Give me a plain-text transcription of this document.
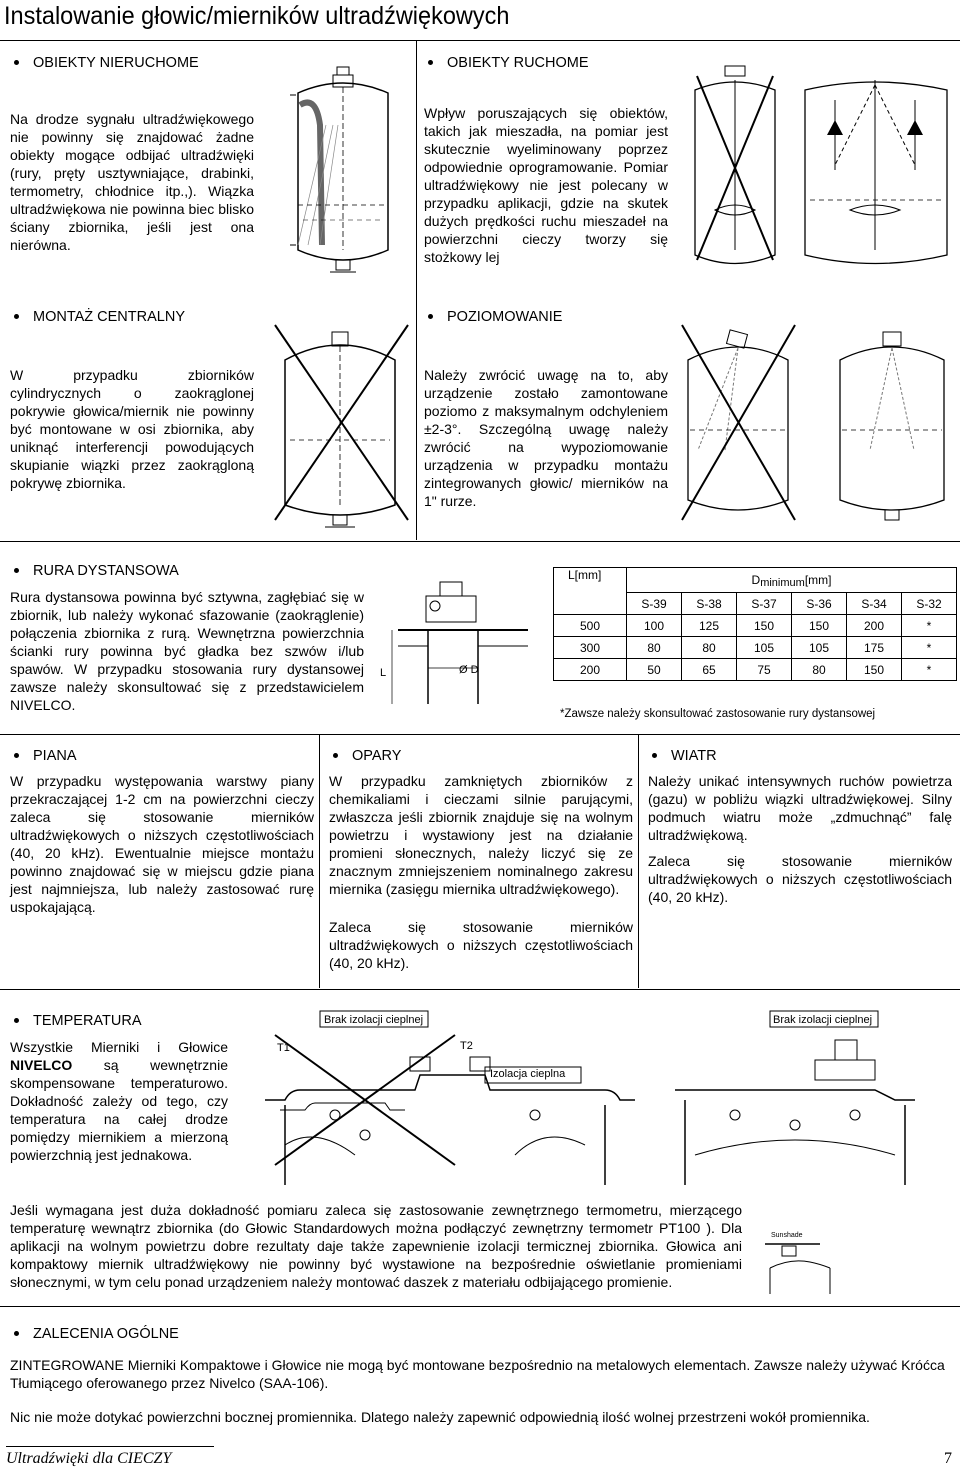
Instalowanie głowic/mierników ultradźwiękowych
OBIEKTY NIERUCHOME
Na drodze sygnału ultradźwiękowego nie powinny się znajdować żadne obiekty mogące odbijać ultradźwięki (rury, pręty usztywniające, drabinki, termometry, chłodnice itp.,). Wiązka ultradźwiękowa nie powinna biec blisko ściany zbiornika, jeśli jest ona nierówna.
OBIEKTY RUCHOME
Wpływ poruszających się obiektów, takich jak mieszadła, na pomiar jest skutecznie wyeliminowany poprzez odpowiednie oprogramowanie. Pomiar ultradźwiękowy nie jest polecany w przypadku aplikacji, gdzie na skutek dużych prędkości ruchu mieszadeł na powierzchni cieczy tworzy się stożkowy lej
MONTAŻ CENTRALNY
W przypadku zbiorników cylindrycznych o zaokrąglonej pokrywie głowica/miernik nie powinny być montowane w osi zbiornika, aby uniknąć interferencji powodujących skupianie wiązki przez zaokrągloną pokrywę zbiornika.
POZIOMOWANIE
Należy zwrócić uwagę na to, aby urządzenie zostało zamontowane poziomo z maksymalnym odchyleniem ±2-3°. Szczególną uwagę należy zwrócić na wypoziomowanie urządzenia w przypadku montażu zintegrowanych głowic/ mierników na 1" rurze.
RURA DYSTANSOWA
Rura dystansowa powinna być sztywna, zagłębiać się w zbiornik, lub należy wykonać sfazowanie (zaokrąglenie) połączenia zbiornika z rurą. Wewnętrzna powierzchnia ścianki rury powinna być gładka bez szwów i/lub spawów. W przypadku stosowania rury dystansowej zawsze należy skonsultować się z przedstawicielem NIVELCO.
Ø D
L
L[mm]	Dminimum[mm]					
	S-39	S-38	S-37	S-36	S-34	S-32
500	100	125	150	150	200	*
300	80	80	105	105	175	*
200	50	65	75	80	150	*
*Zawsze należy skonsultować zastosowanie rury dystansowej
PIANA
W przypadku występowania warstwy piany przekraczającej 1-2 cm na powierzchni cieczy zaleca się stosowanie mierników ultradźwiękowych o niższych częstotliwościach (40, 20 kHz). Ewentualnie miejsce montażu powinno znajdować się w miejscu gdzie piana jest najmniejsza, lub należy zastosować rurę uspokajającą.
OPARY
W przypadku zamkniętych zbiorników z chemikaliami i cieczami silnie parującymi, zwłaszcza jeśli zbiornik znajduje się na wolnym powietrzu i wystawiony jest na działanie promieni słonecznych, należy liczyć się ze znacznym zmniejszeniem nominalnego zakresu miernika (zasięgu miernika ultradźwiękowego).
Zaleca się stosowanie mierników ultradźwiękowych o niższych częstotliwościach (40, 20 kHz).
WIATR
Należy unikać intensywnych ruchów powietrza (gazu) w pobliżu wiązki ultradźwiękowej. Silny podmuch wiatru może „zdmuchnąć” falę ultradźwiękową.
Zaleca się stosowanie mierników ultradźwiękowych o niższych częstotliwościach (40, 20 kHz).
TEMPERATURA
Wszystkie Mierniki i Głowice NIVELCO są wewnętrznie skompensowane temperaturowo. Dokładność zależy od tego, czy temperatura na całej drodze pomiędzy miernikiem a mierzoną powierzchnią jest jednakowa.
Brak izolacji cieplnej	Brak izolacji cieplnej
T1	T2
Izolacja cieplna
Jeśli wymagana jest duża dokładność pomiaru zaleca się zastosowanie zewnętrznego termometru, mierzącego temperaturę wewnątrz zbiornika (do Głowic Standardowych można podłączyć zewnętrzny termometr PT100 ). Dla aplikacji na wolnym powietrzu dobre rezultaty daje także zapewnienie izolacji termicznej zbiornika. Głowica ani kompaktowy miernik ultradźwiękowy nie powinny być wystawione na bezpośrednie oświetlanie promieniami słonecznymi, w tym celu ponad urządzeniem należy montować daszek z materiału odbijającego promienie.
Sunshade
ZALECENIA OGÓLNE
ZINTEGROWANE Mierniki Kompaktowe i Głowice nie mogą być montowane bezpośrednio na metalowych elementach. Zawsze należy używać Króćca Tłumiącego oferowanego przez Nivelco (SAA-106).
Nic nie może dotykać powierzchni bocznej promiennika. Dlatego należy zapewnić odpowiednią ilość wolnej przestrzeni wokół promiennika.
Ultradźwięki dla CIECZY	7
